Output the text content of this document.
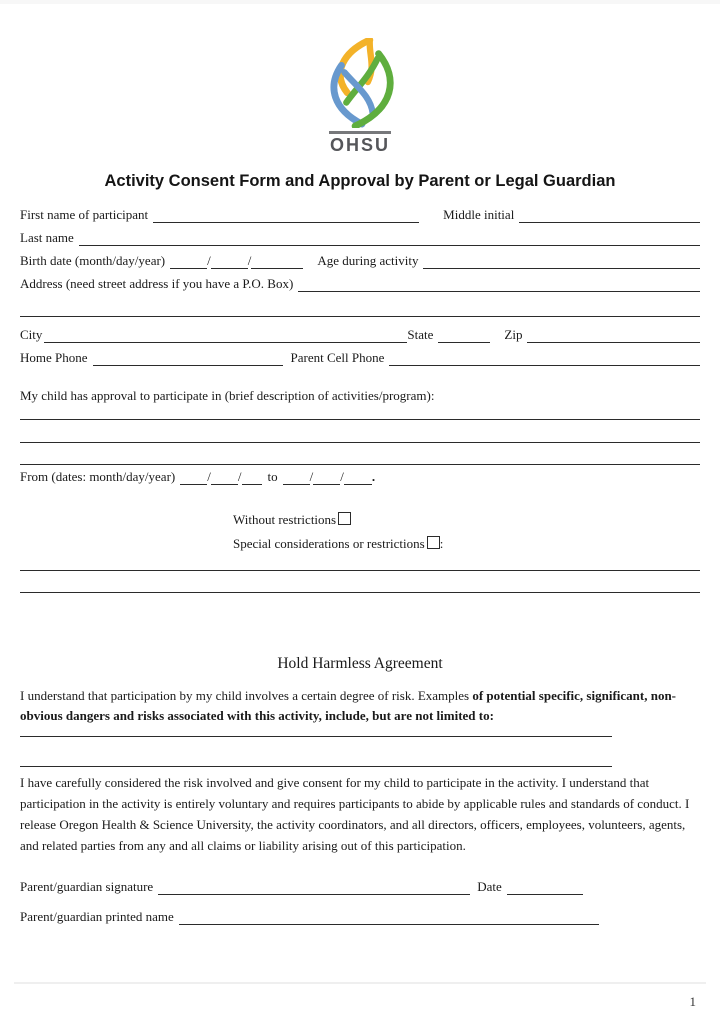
OHSU
Activity Consent Form and Approval by Parent or Legal Guardian
First name of participant	Middle initial
Last name
Birth date (month/day/year)	/	/	Age during activity
Address (need street address if you have a P.O. Box)
City	State	Zip
Home Phone	Parent Cell Phone
My child has approval to participate in (brief description of activities/program):
From (dates: month/day/year) / / to / / .
Without restrictions
Special considerations or restrictions :
Hold Harmless Agreement

I understand that participation by my child involves a certain degree of risk. Examples of potential specific, significant, non-obvious dangers and risks associated with this activity, include, but are not limited to:

I have carefully considered the risk involved and give consent for my child to participate in the activity. I understand that participation in the activity is entirely voluntary and requires participants to abide by applicable rules and standards of conduct. I release Oregon Health & Science University, the activity coordinators, and all directors, officers, employees, volunteers, agents, and related parties from any and all claims or liability arising out of this participation.

Parent/guardian signature	Date
Parent/guardian printed name
1
